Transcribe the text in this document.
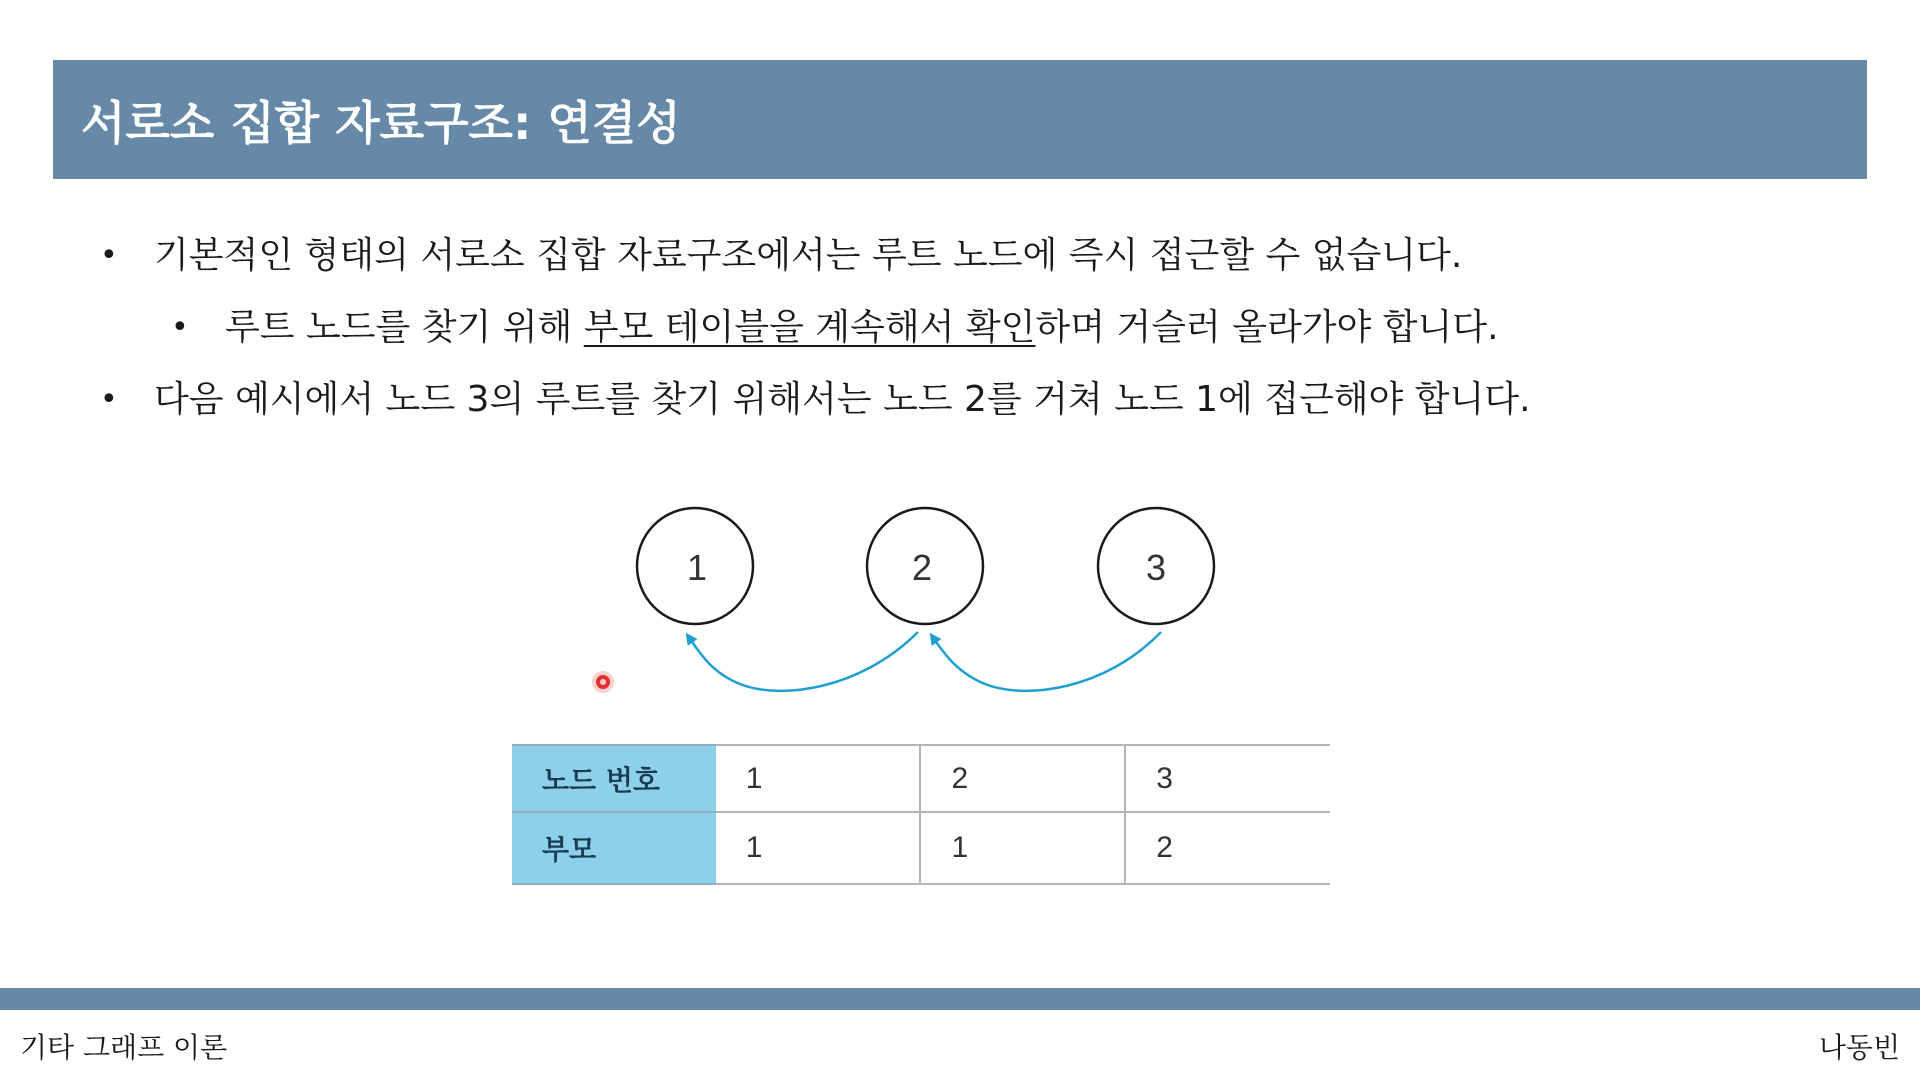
서로소 집합 자료구조: 연결성
• 기본적인 형태의 서로소 집합 자료구조에서는 루트 노드에 즉시 접근할 수 없습니다.
• 루트 노드를 찾기 위해 부모 테이블을 계속해서 확인하며 거슬러 올라가야 합니다.
• 다음 예시에서 노드 3의 루트를 찾기 위해서는 노드 2를 거쳐 노드 1에 접근해야 합니다.
1	2	3
노드 번호	1	2	3
부모	1	1	2
기타 그래프 이론	나동빈
